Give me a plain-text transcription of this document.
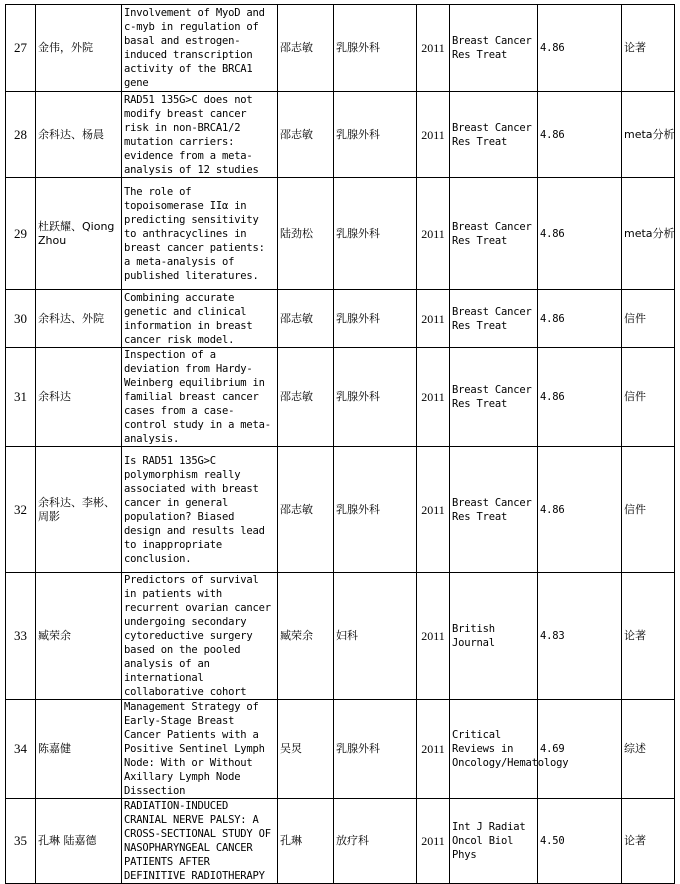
27	金伟，外院	Involvement of MyoD and c-myb in regulation of basal and estrogen-induced transcription activity of the BRCA1 gene	邵志敏	乳腺外科	2011	Breast Cancer Res Treat	4.86	论著
28	余科达、杨晨	RAD51 135G>C does not modify breast cancer risk in non-BRCA1/2 mutation carriers: evidence from a meta-analysis of 12 studies	邵志敏	乳腺外科	2011	Breast Cancer Res Treat	4.86	meta分析
29	杜跃耀、Qiong Zhou	The role of topoisomerase IIα in predicting sensitivity to anthracyclines in breast cancer patients: a meta-analysis of published literatures.	陆劲松	乳腺外科	2011	Breast Cancer Res Treat	4.86	meta分析
30	余科达、外院	Combining accurate genetic and clinical information in breast cancer risk model.	邵志敏	乳腺外科	2011	Breast Cancer Res Treat	4.86	信件
31	余科达	Inspection of a deviation from Hardy-Weinberg equilibrium in familial breast cancer cases from a case-control study in a meta-analysis.	邵志敏	乳腺外科	2011	Breast Cancer Res Treat	4.86	信件
32	余科达、李彬、周影	Is RAD51 135G>C polymorphism really associated with breast cancer in general population? Biased design and results lead to inappropriate conclusion.	邵志敏	乳腺外科	2011	Breast Cancer Res Treat	4.86	信件
33	臧荣余	Predictors of survival in patients with recurrent ovarian cancer undergoing secondary cytoreductive surgery based on the pooled analysis of an international collaborative cohort	臧荣余	妇科	2011	British Journal	4.83	论著
34	陈嘉健	Management Strategy of Early-Stage Breast Cancer Patients with a Positive Sentinel Lymph Node: With or Without Axillary Lymph Node Dissection	吴炅	乳腺外科	2011	Critical Reviews in Oncology/Hematology	4.69	综述
35	孔琳 陆嘉德	RADIATION-INDUCED CRANIAL NERVE PALSY: A CROSS-SECTIONAL STUDY OF NASOPHARYNGEAL CANCER PATIENTS AFTER DEFINITIVE RADIOTHERAPY	孔琳	放疗科	2011	Int J Radiat Oncol Biol Phys	4.50	论著
